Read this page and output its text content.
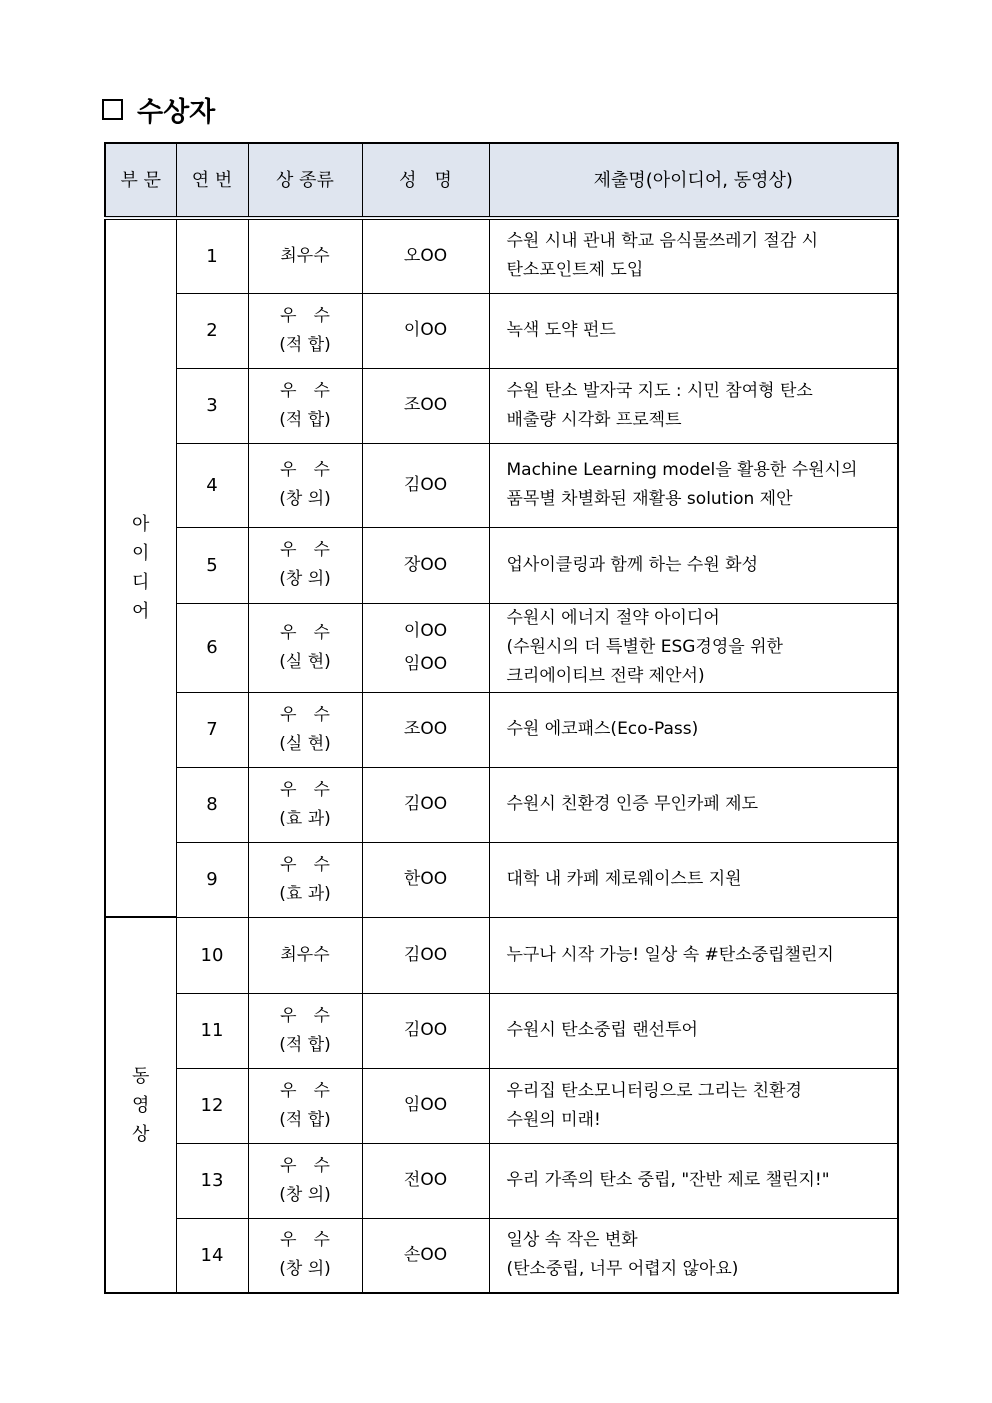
수상자
부 문	연 번	상 종류	성　명	제출명(아이디어, 동영상)

아
이
디
어	1	최우수	오OO	수원 시내 관내 학교 음식물쓰레기 절감 시
탄소포인트제 도입

	2	우　수
(적 합)	이OO	녹색 도약 펀드

	3	우　수
(적 합)	조OO	수원 탄소 발자국 지도 : 시민 참여형 탄소
배출량 시각화 프로젝트

	4	우　수
(창 의)	김OO	Machine Learning model을 활용한 수원시의
품목별 차별화된 재활용 solution 제안

	5	우　수
(창 의)	장OO	업사이클링과 함께 하는 수원 화성

	6	우　수
(실 현)	이OO
임OO	수원시 에너지 절약 아이디어
(수원시의 더 특별한 ESG경영을 위한
크리에이티브 전략 제안서)

	7	우　수
(실 현)	조OO	수원 에코패스(Eco-Pass)

	8	우　수
(효 과)	김OO	수원시 친환경 인증 무인카페 제도

	9	우　수
(효 과)	한OO	대학 내 카페 제로웨이스트 지원

동
영
상	10	최우수	김OO	누구나 시작 가능! 일상 속 #탄소중립챌린지

	11	우　수
(적 합)	김OO	수원시 탄소중립 랜선투어

	12	우　수
(적 합)	임OO	우리집 탄소모니터링으로 그리는 친환경
수원의 미래!

	13	우　수
(창 의)	전OO	우리 가족의 탄소 중립, "잔반 제로 챌린지!"

	14	우　수
(창 의)	손OO	일상 속 작은 변화
(탄소중립, 너무 어렵지 않아요)
